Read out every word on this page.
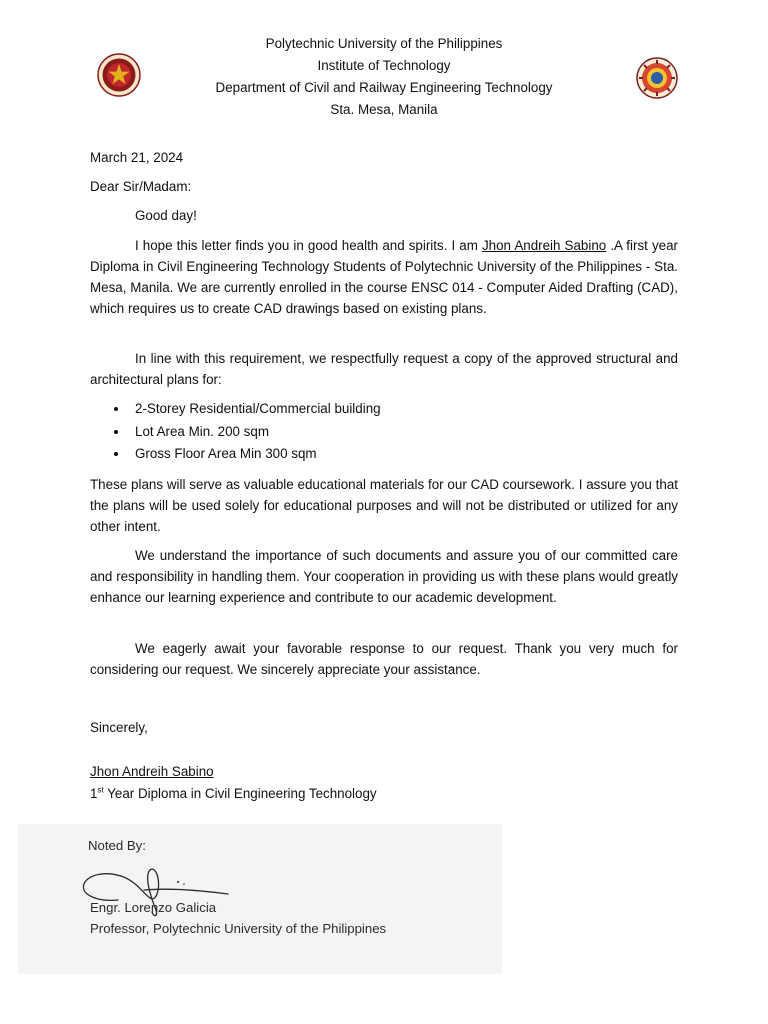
Polytechnic University of the Philippines
Institute of Technology
Department of Civil and Railway Engineering Technology
Sta. Mesa, Manila
March 21, 2024
Dear Sir/Madam:
Good day!
I hope this letter finds you in good health and spirits. I am Jhon Andreih Sabino .A first year Diploma in Civil Engineering Technology Students of Polytechnic University of the Philippines - Sta. Mesa, Manila. We are currently enrolled in the course ENSC 014 - Computer Aided Drafting (CAD), which requires us to create CAD drawings based on existing plans.
In line with this requirement, we respectfully request a copy of the approved structural and architectural plans for:
2-Storey Residential/Commercial building
Lot Area Min. 200 sqm
Gross Floor Area Min 300 sqm
These plans will serve as valuable educational materials for our CAD coursework. I assure you that the plans will be used solely for educational purposes and will not be distributed or utilized for any other intent.
We understand the importance of such documents and assure you of our committed care and responsibility in handling them. Your cooperation in providing us with these plans would greatly enhance our learning experience and contribute to our academic development.
We eagerly await your favorable response to our request. Thank you very much for considering our request. We sincerely appreciate your assistance.
Sincerely,
Jhon Andreih Sabino
1st Year Diploma in Civil Engineering Technology
Noted By:
Engr. Lorenzo Galicia
Professor, Polytechnic University of the Philippines
